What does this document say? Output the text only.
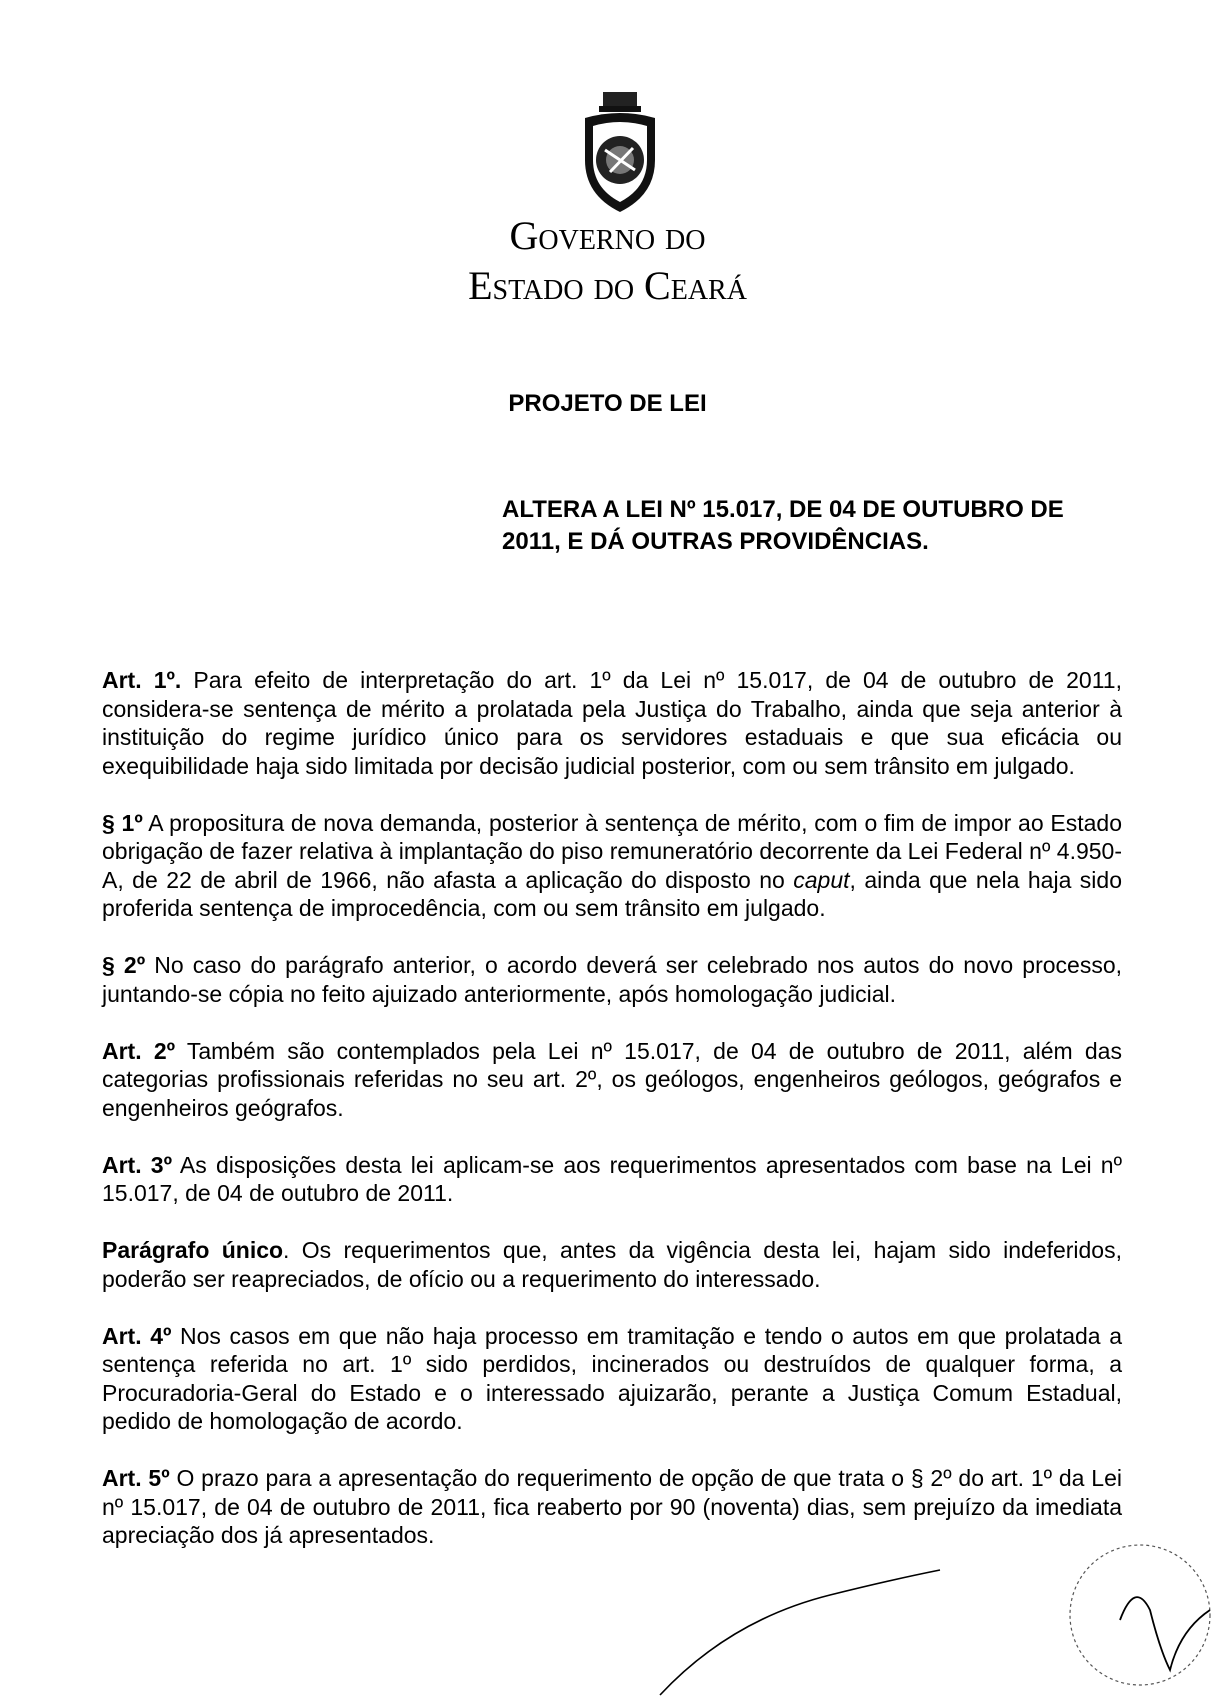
Governo do
Estado do Ceará
PROJETO DE LEI
ALTERA A LEI Nº 15.017, DE 04 DE OUTUBRO DE 2011, E DÁ OUTRAS PROVIDÊNCIAS.

Art. 1º. Para efeito de interpretação do art. 1º da Lei nº 15.017, de 04 de outubro de 2011, considera-se sentença de mérito a prolatada pela Justiça do Trabalho, ainda que seja anterior à instituição do regime jurídico único para os servidores estaduais e que sua eficácia ou exequibilidade haja sido limitada por decisão judicial posterior, com ou sem trânsito em julgado.

§ 1º A propositura de nova demanda, posterior à sentença de mérito, com o fim de impor ao Estado obrigação de fazer relativa à implantação do piso remuneratório decorrente da Lei Federal nº 4.950-A, de 22 de abril de 1966, não afasta a aplicação do disposto no caput, ainda que nela haja sido proferida sentença de improcedência, com ou sem trânsito em julgado.

§ 2º No caso do parágrafo anterior, o acordo deverá ser celebrado nos autos do novo processo, juntando-se cópia no feito ajuizado anteriormente, após homologação judicial.

Art. 2º Também são contemplados pela Lei nº 15.017, de 04 de outubro de 2011, além das categorias profissionais referidas no seu art. 2º, os geólogos, engenheiros geólogos, geógrafos e engenheiros geógrafos.

Art. 3º As disposições desta lei aplicam-se aos requerimentos apresentados com base na Lei nº 15.017, de 04 de outubro de 2011.

Parágrafo único. Os requerimentos que, antes da vigência desta lei, hajam sido indeferidos, poderão ser reapreciados, de ofício ou a requerimento do interessado.

Art. 4º Nos casos em que não haja processo em tramitação e tendo o autos em que prolatada a sentença referida no art. 1º sido perdidos, incinerados ou destruídos de qualquer forma, a Procuradoria-Geral do Estado e o interessado ajuizarão, perante a Justiça Comum Estadual, pedido de homologação de acordo.

Art. 5º O prazo para a apresentação do requerimento de opção de que trata o § 2º do art. 1º da Lei nº 15.017, de 04 de outubro de 2011, fica reaberto por 90 (noventa) dias, sem prejuízo da imediata apreciação dos já apresentados.
